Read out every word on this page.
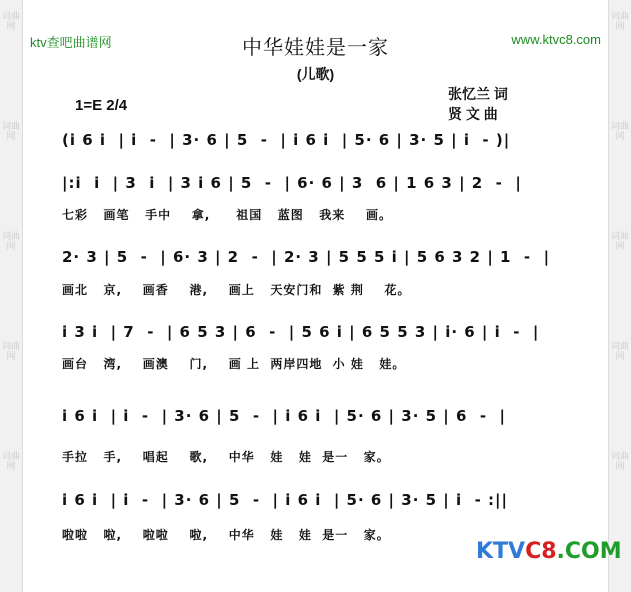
词曲网
词曲网
词曲网
词曲网
词曲网
词曲网
词曲网
词曲网
词曲网
词曲网
ktv查吧曲谱网	www.ktvc8.com
中华娃娃是一家
(儿歌)
张忆兰 词
贤 文 曲
1=E 2/4

(i 6 i  | i  -  | 3· 6 | 5  -  | i 6 i  | 5· 6 | 3· 5 | i  - )|

|:i  i  | 3  i  | 3 i 6 | 5  -  | 6· 6 | 3  6 | 1 6 3 | 2  -  |

七彩   画笔   手中    拿,     祖国   蓝图   我来    画。

2· 3 | 5  -  | 6· 3 | 2  -  | 2· 3 | 5 5 5 i | 5 6 3 2 | 1  -  |

画北   京,    画香    港,    画上   天安门和  紫 荆    花。

i 3 i  | 7  -  | 6 5 3 | 6  -  | 5 6 i | 6 5 5 3 | i· 6 | i  -  |

画台   湾,    画澳    门,    画 上  两岸四地  小 娃   娃。

i 6 i  | i  -  | 3· 6 | 5  -  | i 6 i  | 5· 6 | 3· 5 | 6  -  |

手拉   手,    唱起    歌,    中华   娃   娃  是一   家。

i 6 i  | i  -  | 3· 6 | 5  -  | i 6 i  | 5· 6 | 3· 5 | i  - :||

啦啦   啦,    啦啦    啦,    中华   娃   娃  是一   家。
KTVC8.COM
